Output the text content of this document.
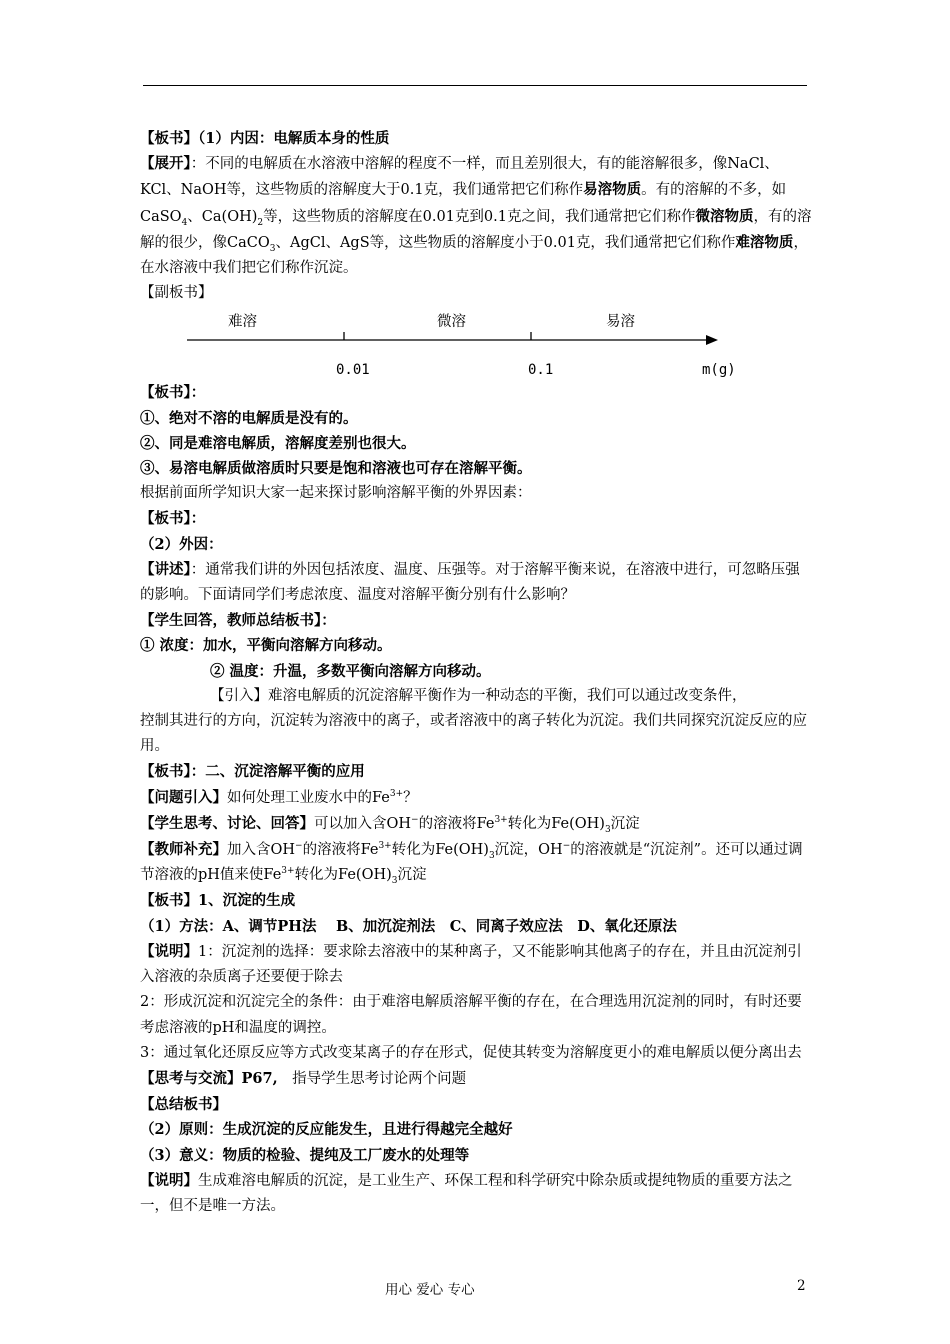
【板书】（1）内因：电解质本身的性质

【展开】：不同的电解质在水溶液中溶解的程度不一样，而且差别很大，有的能溶解很多，像NaCl、KCl、NaOH等，这些物质的溶解度大于0.1克，我们通常把它们称作易溶物质。有的溶解的不多，如CaSO$_4$、$Ca(OH)_2$等，这些物质的溶解度在0.01克到0.1克之间，我们通常把它们称作微溶物质，有的溶解的很少，像CaCO$_3$、AgCl、AgS等，这些物质的溶解度小于0.01克，我们通常把它们称作难溶物质，在水溶液中我们把它们称作沉淀。

【副板书】

难溶	微溶	易溶
0.01	0.1	m(g)

【板书】：

①、绝对不溶的电解质是没有的。

②、同是难溶电解质，溶解度差别也很大。

③、易溶电解质做溶质时只要是饱和溶液也可存在溶解平衡。

根据前面所学知识大家一起来探讨影响溶解平衡的外界因素：

【板书】：

（2）外因：

【讲述】：通常我们讲的外因包括浓度、温度、压强等。对于溶解平衡来说，在溶液中进行，可忽略压强的影响。下面请同学们考虑浓度、温度对溶解平衡分别有什么影响？

【学生回答，教师总结板书】：

① 浓度：加水，平衡向溶解方向移动。

② 温度：升温，多数平衡向溶解方向移动。

【引入】难溶电解质的沉淀溶解平衡作为一种动态的平衡，我们可以通过改变条件，

控制其进行的方向，沉淀转为溶液中的离子，或者溶液中的离子转化为沉淀。我们共同探究沉淀反应的应用。

【板书】：二、沉淀溶解平衡的应用

【问题引入】如何处理工业废水中的$Fe^{3+}$？

【学生思考、讨论、回答】可以加入含OH−的溶液将$Fe^{3+}$转化为$Fe(OH)_3$沉淀

【教师补充】加入含OH−的溶液将$Fe^{3+}$转化为$Fe(OH)_3$沉淀，OH−的溶液就是“沉淀剂”。还可以通过调节溶液的pH值来使$Fe^{3+}$转化为$Fe(OH)_3$沉淀

【板书】1、沉淀的生成

（1）方法：A、调节PH法　 B、加沉淀剂法　C、同离子效应法　D、氧化还原法

【说明】1：沉淀剂的选择：要求除去溶液中的某种离子，又不能影响其他离子的存在，并且由沉淀剂引入溶液的杂质离子还要便于除去

2：形成沉淀和沉淀完全的条件：由于难溶电解质溶解平衡的存在，在合理选用沉淀剂的同时，有时还要考虑溶液的pH和温度的调控。

3：通过氧化还原反应等方式改变某离子的存在形式，促使其转变为溶解度更小的难电解质以便分离出去

【思考与交流】P67,　指导学生思考讨论两个问题

【总结板书】

（2）原则：生成沉淀的反应能发生，且进行得越完全越好

（3）意义：物质的检验、提纯及工厂废水的处理等

【说明】生成难溶电解质的沉淀，是工业生产、环保工程和科学研究中除杂质或提纯物质的重要方法之一，但不是唯一方法。

用心 爱心 专心	2
